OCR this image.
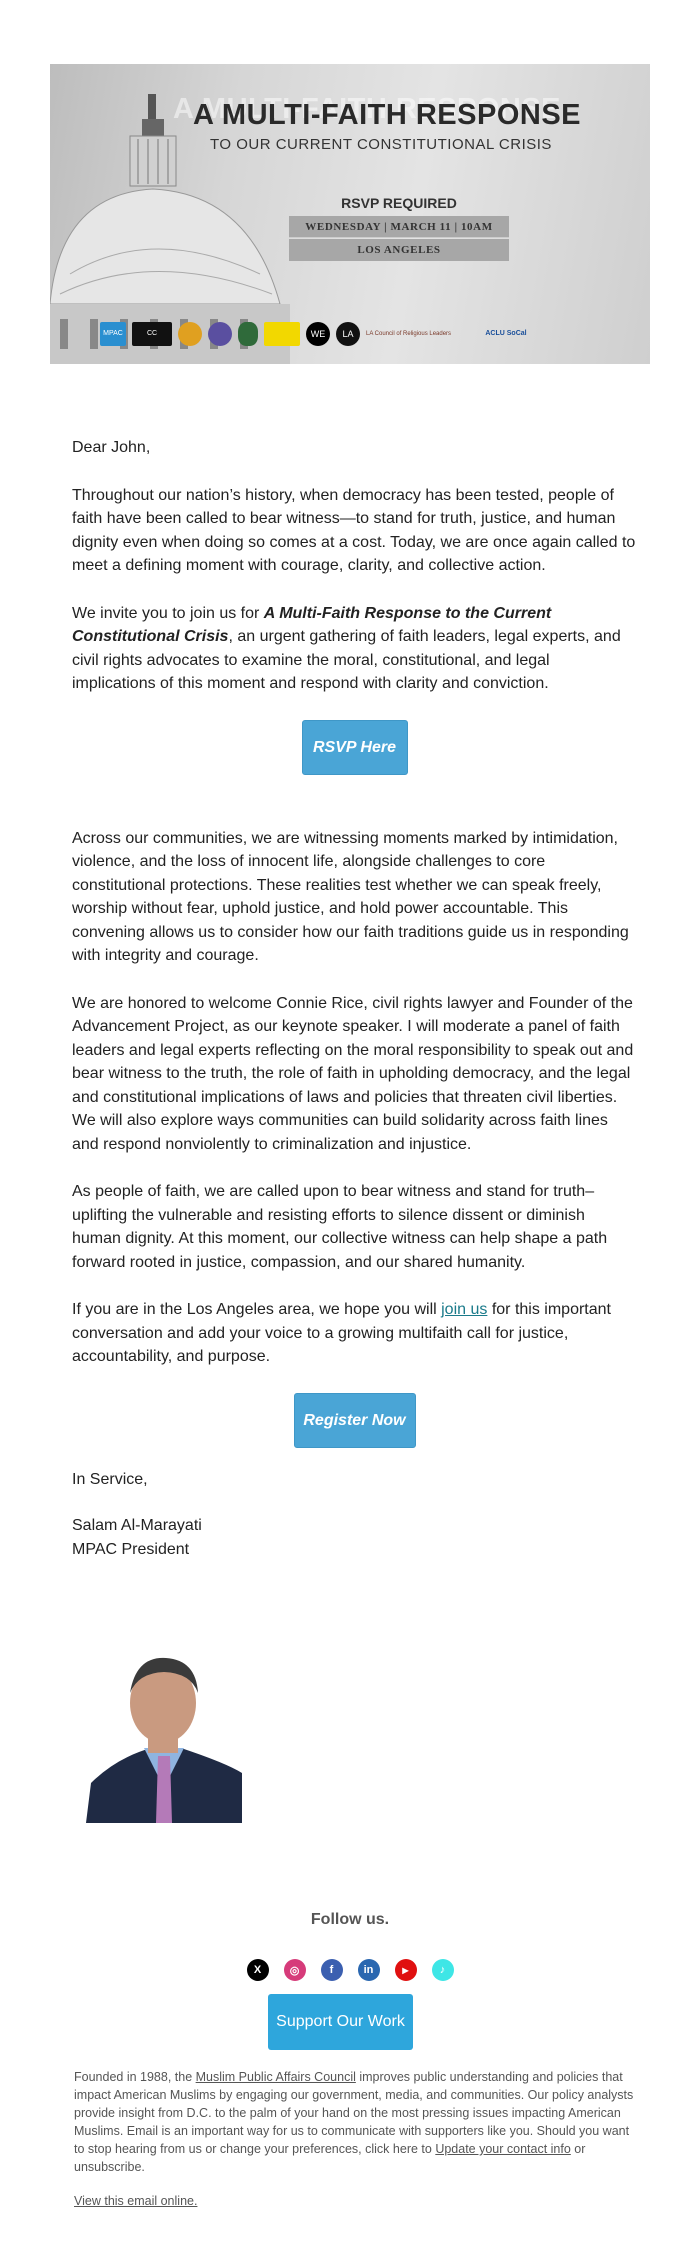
A MULTI-FAITH RESPONSE
TO OUR CURRENT CONSTITUTIONAL CRISIS
RSVP REQUIRED
WEDNESDAY | MARCH 11 | 10AM
LOS ANGELES
MPAC	CC	WE	LA	LA Council of Religious Leaders	ACLU SoCal

Dear John,

Throughout our nation’s history, when democracy has been tested, people of faith have been called to bear witness—to stand for truth, justice, and human dignity even when doing so comes at a cost. Today, we are once again called to meet a defining moment with courage, clarity, and collective action.

We invite you to join us for A Multi-Faith Response to the Current Constitutional Crisis, an urgent gathering of faith leaders, legal experts, and civil rights advocates to examine the moral, constitutional, and legal implications of this moment and respond with clarity and conviction.

RSVP Here

Across our communities, we are witnessing moments marked by intimidation, violence, and the loss of innocent life, alongside challenges to core constitutional protections. These realities test whether we can speak freely, worship without fear, uphold justice, and hold power accountable. This convening allows us to consider how our faith traditions guide us in responding with integrity and courage.

We are honored to welcome Connie Rice, civil rights lawyer and Founder of the Advancement Project, as our keynote speaker. I will moderate a panel of faith leaders and legal experts reflecting on the moral responsibility to speak out and bear witness to the truth, the role of faith in upholding democracy, and the legal and constitutional implications of laws and policies that threaten civil liberties. We will also explore ways communities can build solidarity across faith lines and respond nonviolently to criminalization and injustice.

As people of faith, we are called upon to bear witness and stand for truth–uplifting the vulnerable and resisting efforts to silence dissent or diminish human dignity. At this moment, our collective witness can help shape a path forward rooted in justice, compassion, and our shared humanity.

If you are in the Los Angeles area, we hope you will join us for this important conversation and add your voice to a growing multifaith call for justice, accountability, and purpose.

Register Now

In Service,

Salam Al-Marayati

MPAC President

Follow us.
X	◎	f	in	▶	♪
Support Our Work
Founded in 1988, the Muslim Public Affairs Council improves public understanding and policies that impact American Muslims by engaging our government, media, and communities. Our policy analysts provide insight from D.C. to the palm of your hand on the most pressing issues impacting American Muslims. Email is an important way for us to communicate with supporters like you. Should you want to stop hearing from us or change your preferences, click here to Update your contact info or unsubscribe.
View this email online.
